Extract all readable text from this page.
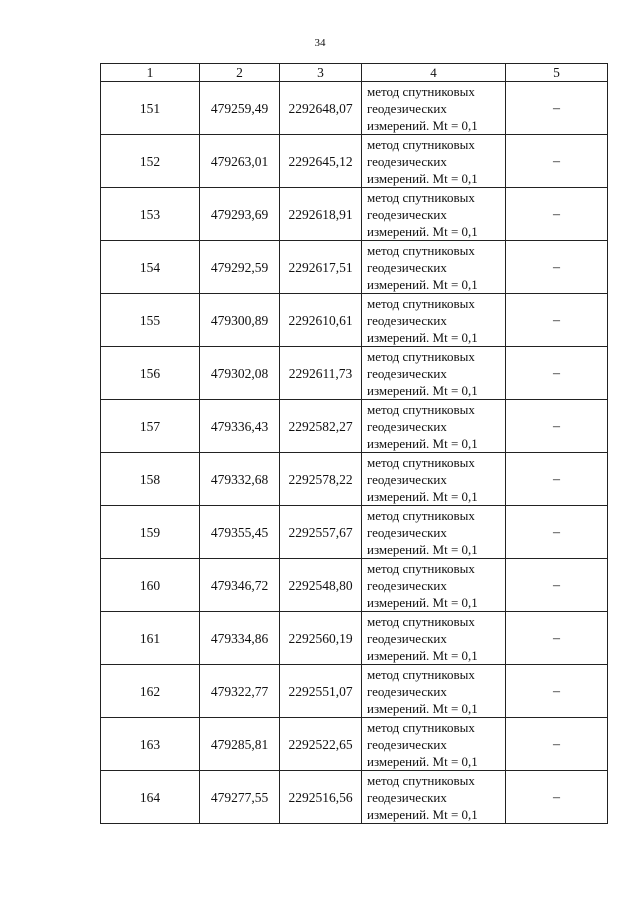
34
1	2	3	4	5
151	479259,49	2292648,07	метод спутниковых
геодезических
измерений. Mt = 0,1	–
152	479263,01	2292645,12	метод спутниковых
геодезических
измерений. Mt = 0,1	–
153	479293,69	2292618,91	метод спутниковых
геодезических
измерений. Mt = 0,1	–
154	479292,59	2292617,51	метод спутниковых
геодезических
измерений. Mt = 0,1	–
155	479300,89	2292610,61	метод спутниковых
геодезических
измерений. Mt = 0,1	–
156	479302,08	2292611,73	метод спутниковых
геодезических
измерений. Mt = 0,1	–
157	479336,43	2292582,27	метод спутниковых
геодезических
измерений. Mt = 0,1	–
158	479332,68	2292578,22	метод спутниковых
геодезических
измерений. Mt = 0,1	–
159	479355,45	2292557,67	метод спутниковых
геодезических
измерений. Mt = 0,1	–
160	479346,72	2292548,80	метод спутниковых
геодезических
измерений. Mt = 0,1	–
161	479334,86	2292560,19	метод спутниковых
геодезических
измерений. Mt = 0,1	–
162	479322,77	2292551,07	метод спутниковых
геодезических
измерений. Mt = 0,1	–
163	479285,81	2292522,65	метод спутниковых
геодезических
измерений. Mt = 0,1	–
164	479277,55	2292516,56	метод спутниковых
геодезических
измерений. Mt = 0,1	–
